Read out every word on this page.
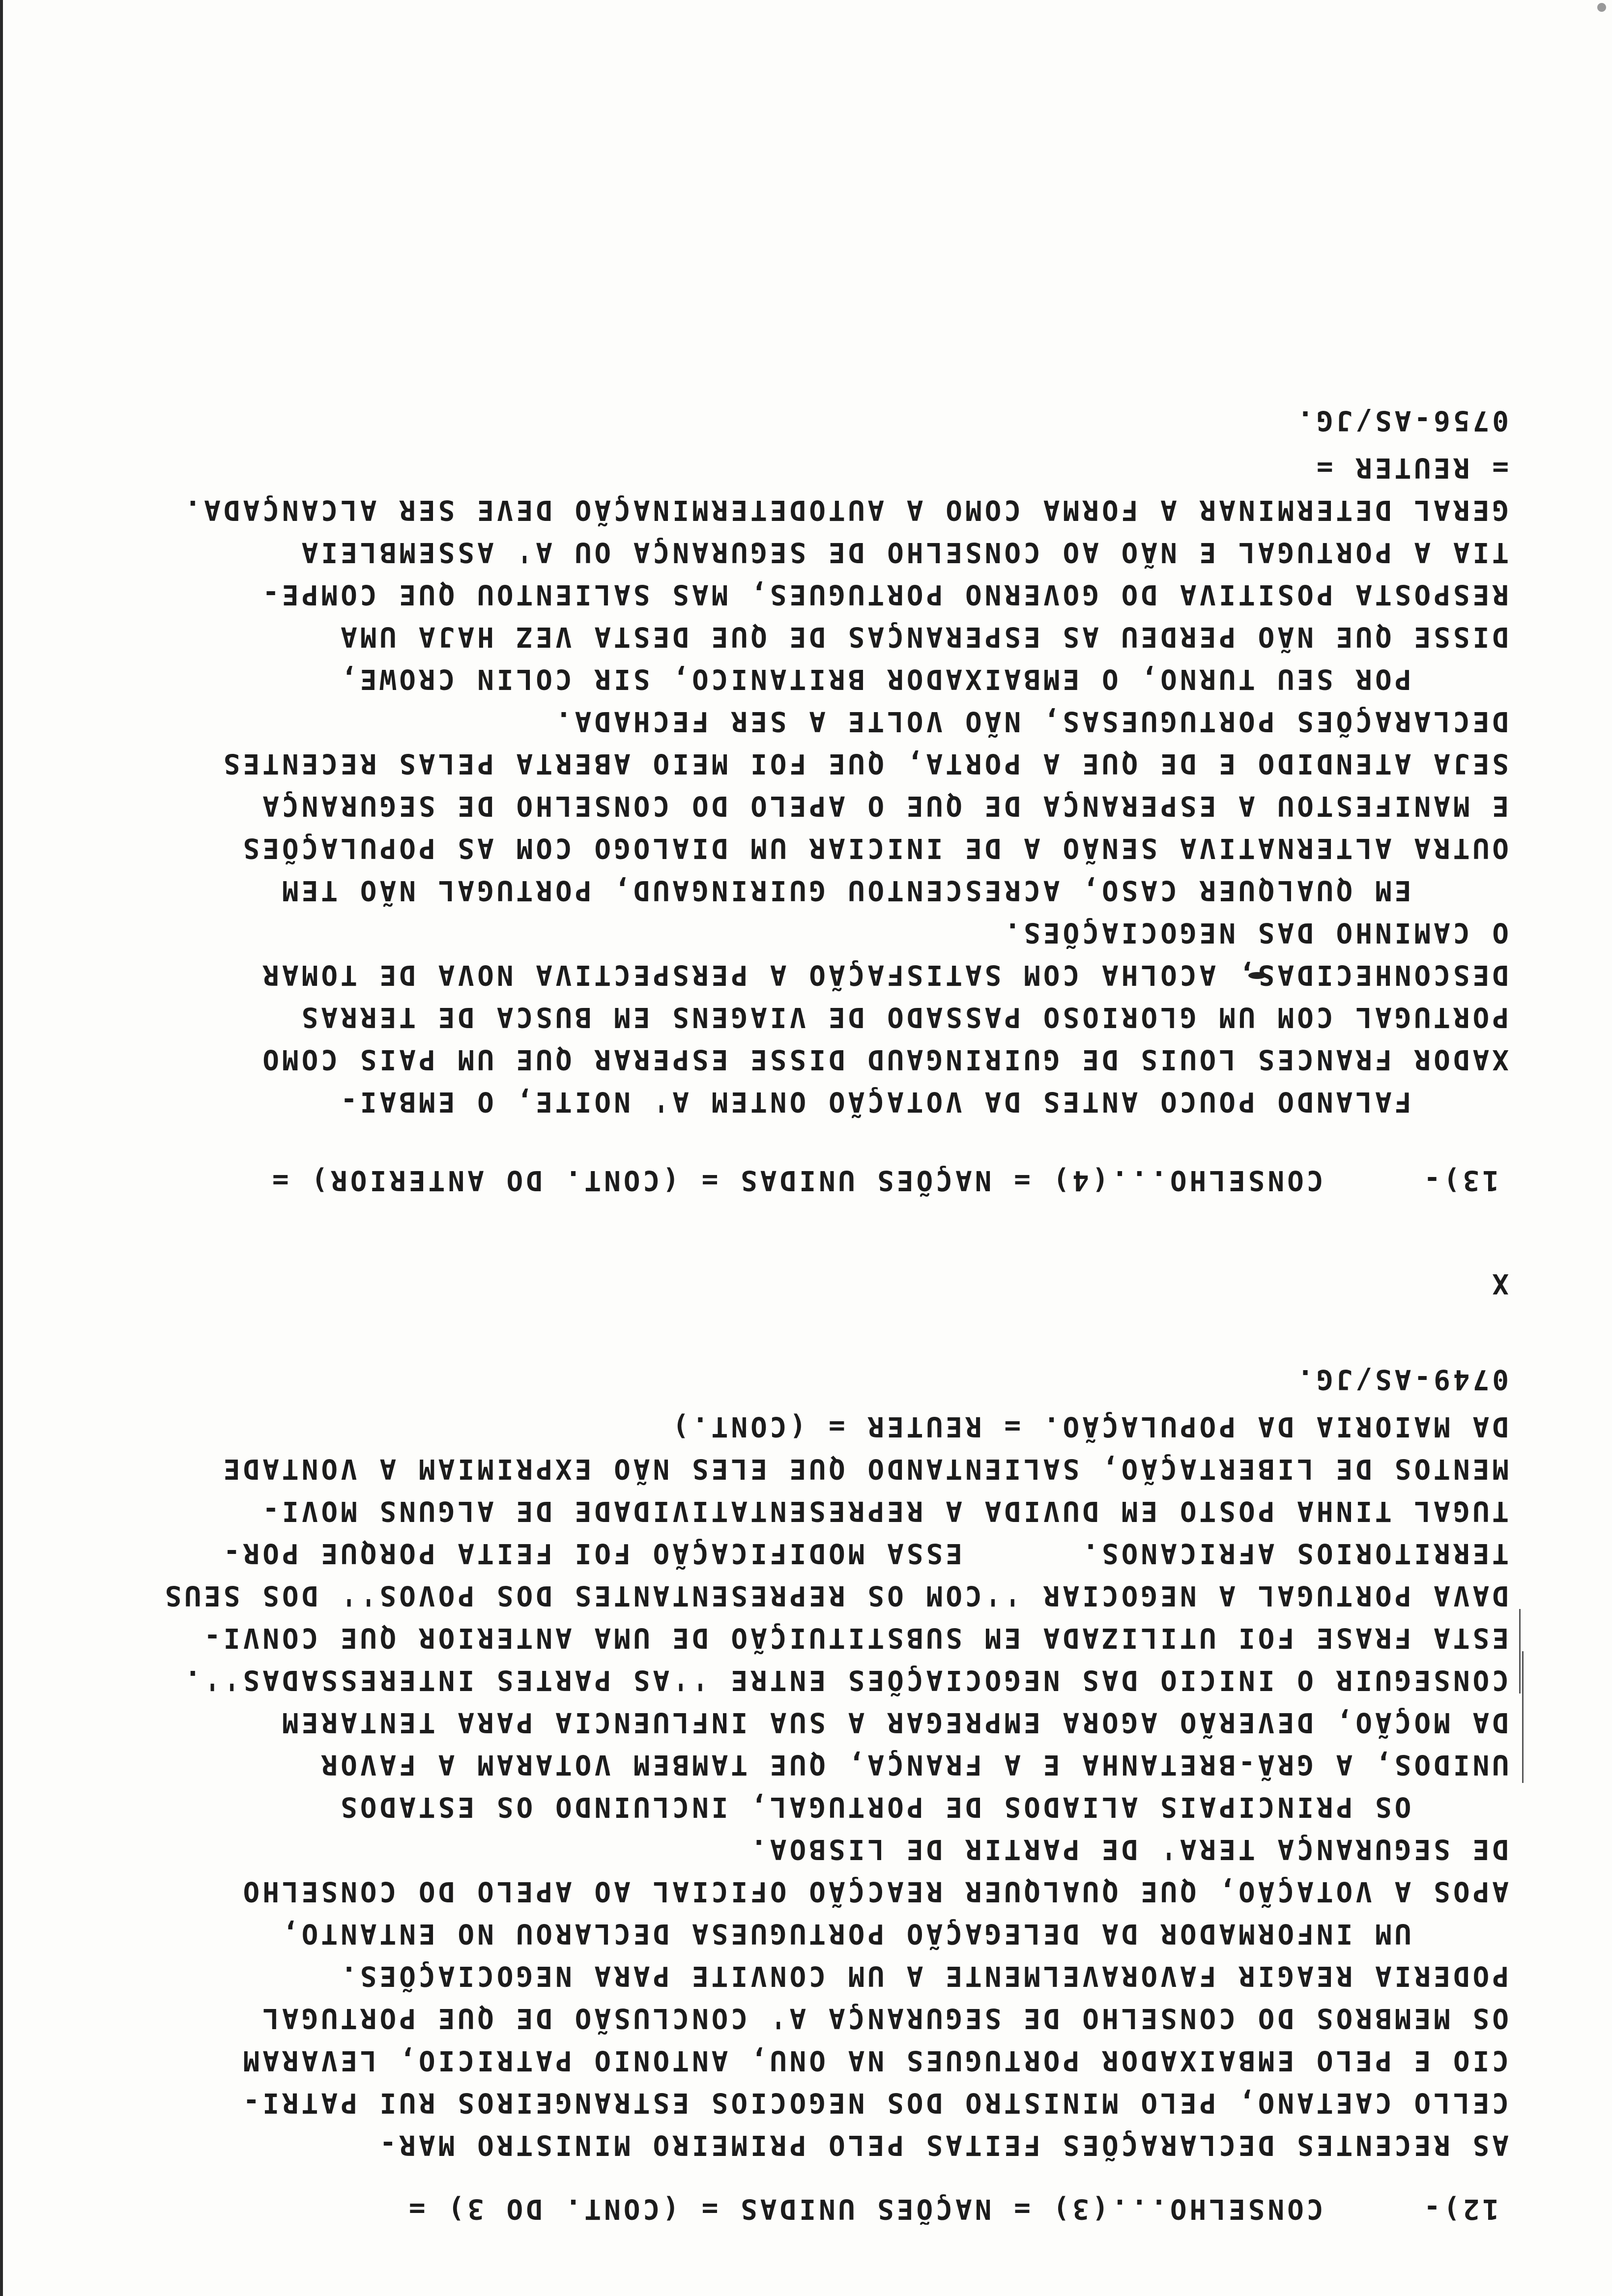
12)-     CONSELHO...(3) = NAÇÕES UNIDAS = (CONT. DO 3) =
AS RECENTES DECLARAÇÕES FEITAS PELO PRIMEIRO MINISTRO MAR-
CELLO CAETANO, PELO MINISTRO DOS NEGOCIOS ESTRANGEIROS RUI PATRI-
CIO E PELO EMBAIXADOR PORTUGUES NA ONU, ANTONIO PATRICIO, LEVARAM
OS MEMBROS DO CONSELHO DE SEGURANÇA A' CONCLUSÃO DE QUE PORTUGAL
PODERIA REAGIR FAVORAVELMENTE A UM CONVITE PARA NEGOCIAÇÕES.
UM INFORMADOR DA DELEGAÇÃO PORTUGUESA DECLAROU NO ENTANTO,
APOS A VOTAÇÃO, QUE QUALQUER REACÇÃO OFICIAL AO APELO DO CONSELHO
DE SEGURANÇA TERA' DE PARTIR DE LISBOA.
OS PRINCIPAIS ALIADOS DE PORTUGAL, INCLUINDO OS ESTADOS
UNIDOS, A GRÃ-BRETANHA E A FRANÇA, QUE TAMBEM VOTARAM A FAVOR
DA MOÇÃO, DEVERÃO AGORA EMPREGAR A SUA INFLUENCIA PARA TENTAREM
CONSEGUIR O INICIO DAS NEGOCIAÇÕES ENTRE ''AS PARTES INTERESSADAS''.
ESTA FRASE FOI UTILIZADA EM SUBSTITUIÇÃO DE UMA ANTERIOR QUE CONVI-
DAVA PORTUGAL A NEGOCIAR ''COM OS REPRESENTANTES DOS POVOS'' DOS SEUS
TERRITORIOS AFRICANOS.      ESSA MODIFICAÇÃO FOI FEITA PORQUE POR-
TUGAL TINHA POSTO EM DUVIDA A REPRESENTATIVIDADE DE ALGUNS MOVI-
MENTOS DE LIBERTAÇÃO, SALIENTANDO QUE ELES NÃO EXPRIMIAM A VONTADE
DA MAIORIA DA POPULAÇÃO. = REUTER = (CONT.)
0749-AS/JG.
X
13)-     CONSELHO...(4) = NAÇÕES UNIDAS = (CONT. DO ANTERIOR) =
FALANDO POUCO ANTES DA VOTAÇÃO ONTEM A' NOITE, O EMBAI-
XADOR FRANCES LOUIS DE GUIRINGAUD DISSE ESPERAR QUE UM PAIS COMO
PORTUGAL COM UM GLORIOSO PASSADO DE VIAGENS EM BUSCA DE TERRAS
DESCONHECIDAS, ACOLHA COM SATISFAÇÃO A PERSPECTIVA NOVA DE TOMAR
O CAMINHO DAS NEGOCIAÇÕES.
EM QUALQUER CASO, ACRESCENTOU GUIRINGAUD, PORTUGAL NÃO TEM
OUTRA ALTERNATIVA SENÃO A DE INICIAR UM DIALOGO COM AS POPULAÇÕES
E MANIFESTOU A ESPERANÇA DE QUE O APELO DO CONSELHO DE SEGURANÇA
SEJA ATENDIDO E DE QUE A PORTA, QUE FOI MEIO ABERTA PELAS RECENTES
DECLARAÇÕES PORTUGUESAS, NÃO VOLTE A SER FECHADA.
POR SEU TURNO, O EMBAIXADOR BRITANICO, SIR COLIN CROWE,
DISSE QUE NÃO PERDEU AS ESPERANÇAS DE QUE DESTA VEZ HAJA UMA
RESPOSTA POSITIVA DO GOVERNO PORTUGUES, MAS SALIENTOU QUE COMPE-
TIA A PORTUGAL E NÃO AO CONSELHO DE SEGURANÇA OU A' ASSEMBLEIA
GERAL DETERMINAR A FORMA COMO A AUTODETERMINAÇÃO DEVE SER ALCANÇADA.
= REUTER =
0756-AS/JG.
